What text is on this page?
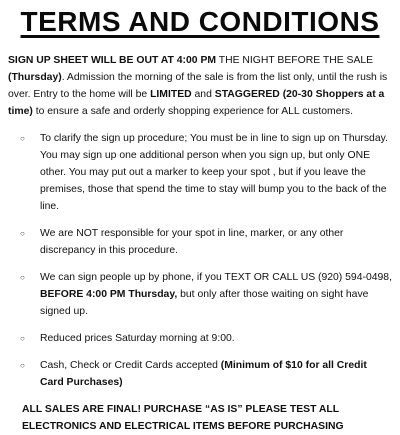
TERMS AND CONDITIONS

SIGN UP SHEET WILL BE OUT AT 4:00 PM THE NIGHT BEFORE THE SALE (Thursday). Admission the morning of the sale is from the list only, until the rush is over. Entry to the home will be LIMITED and STAGGERED (20-30 Shoppers at a time) to ensure a safe and orderly shopping experience for ALL customers.

○ To clarify the sign up procedure; You must be in line to sign up on Thursday. You may sign up one additional person when you sign up, but only ONE other. You may put out a marker to keep your spot , but if you leave the premises, those that spend the time to stay will bump you to the back of the line.
○ We are NOT responsible for your spot in line, marker, or any other discrepancy in this procedure.
○ We can sign people up by phone, if you TEXT OR CALL US (920) 594-0498, BEFORE 4:00 PM Thursday, but only after those waiting on sight have signed up.
○ Reduced prices Saturday morning at 9:00.
○ Cash, Check or Credit Cards accepted (Minimum of $10 for all Credit Card Purchases)
ALL SALES ARE FINAL! PURCHASE “AS IS” PLEASE TEST ALL ELECTRONICS AND ELECTRICAL ITEMS BEFORE PURCHASING
